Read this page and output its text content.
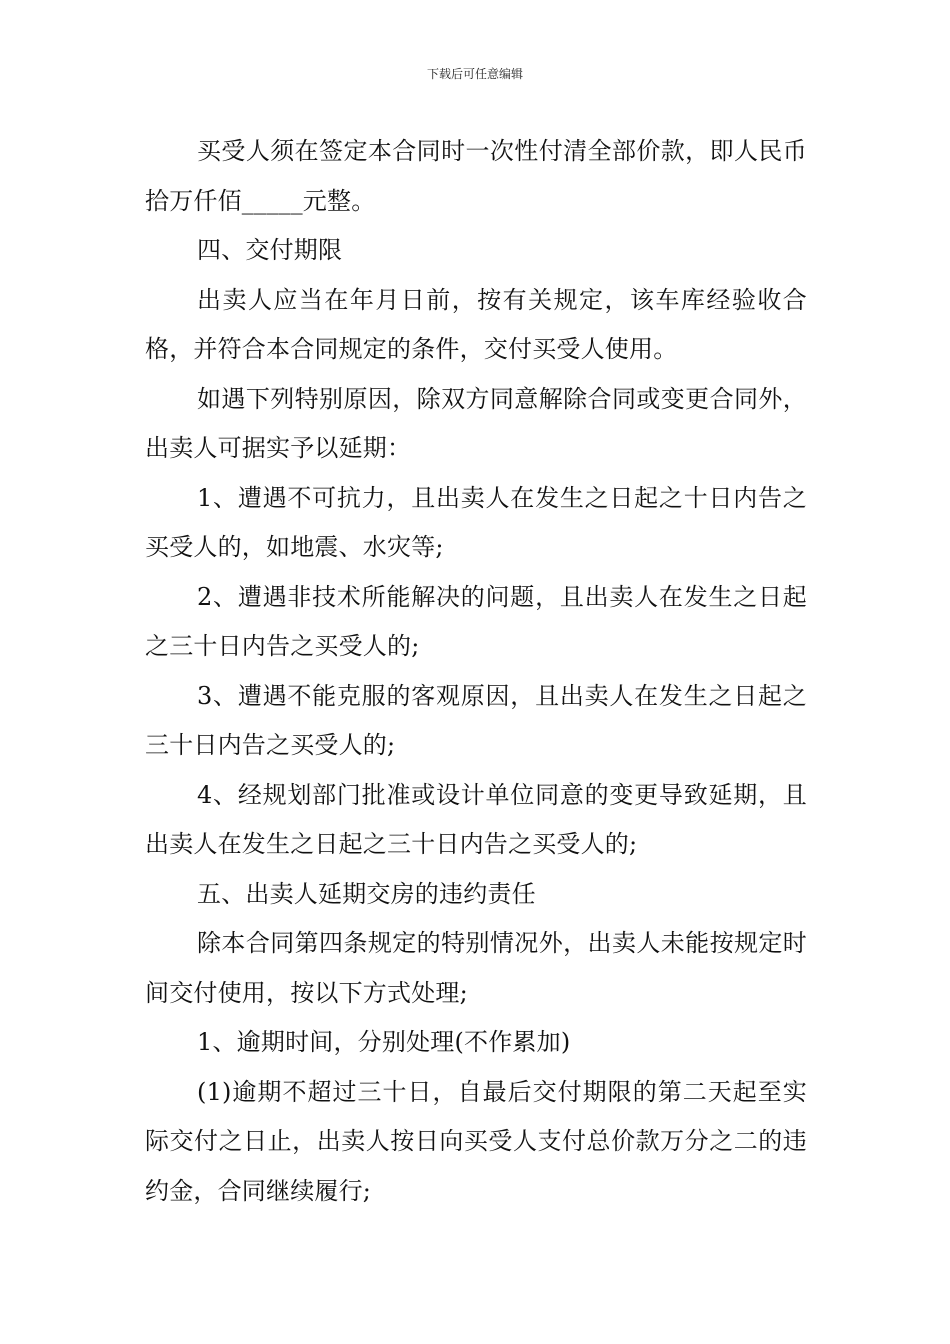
下载后可任意编辑

买受人须在签定本合同时一次性付清全部价款，即人民币拾万仟佰_____元整。

四、交付期限

出卖人应当在年月日前，按有关规定，该车库经验收合格，并符合本合同规定的条件，交付买受人使用。

如遇下列特别原因，除双方同意解除合同或变更合同外，出卖人可据实予以延期：

1、遭遇不可抗力，且出卖人在发生之日起之十日内告之买受人的，如地震、水灾等;

2、遭遇非技术所能解决的问题，且出卖人在发生之日起之三十日内告之买受人的;

3、遭遇不能克服的客观原因，且出卖人在发生之日起之三十日内告之买受人的;

4、经规划部门批准或设计单位同意的变更导致延期，且出卖人在发生之日起之三十日内告之买受人的;

五、出卖人延期交房的违约责任

除本合同第四条规定的特别情况外，出卖人未能按规定时间交付使用，按以下方式处理;

1、逾期时间，分别处理(不作累加)

(1)逾期不超过三十日，自最后交付期限的第二天起至实际交付之日止，出卖人按日向买受人支付总价款万分之二的违约金，合同继续履行;
